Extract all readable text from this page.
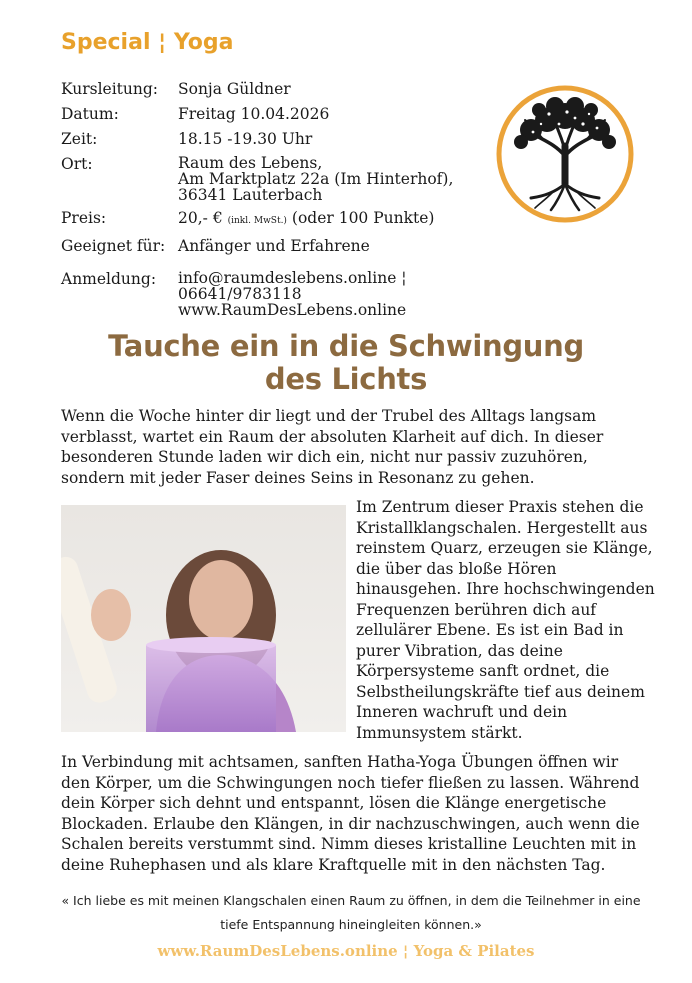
Special ¦ Yoga
Kursleitung:	Sonja Güldner
Datum:	Freitag 10.04.2026
Zeit:	18.15 -19.30 Uhr
Ort:	Raum des Lebens,
Am Marktplatz 22a (Im Hinterhof),
36341 Lauterbach
Preis:	20,- € (inkl. MwSt.) (oder 100 Punkte)
Geeignet für: Anfänger und Erfahrene
Anmeldung:	info@raumdeslebens.online ¦ 06641/9783118
www.RaumDesLebens.online
Tauche ein in die Schwingung
des Lichts
Wenn die Woche hinter dir liegt und der Trubel des Alltags langsam verblasst, wartet ein Raum der absoluten Klarheit auf dich. In dieser besonderen Stunde laden wir dich ein, nicht nur passiv zuzuhören, sondern mit jeder Faser deines Seins in Resonanz zu gehen.
Im Zentrum dieser Praxis stehen die Kristallklangschalen. Hergestellt aus reinstem Quarz, erzeugen sie Klänge, die über das bloße Hören hinausgehen. Ihre hochschwingenden Frequenzen berühren dich auf zellulärer Ebene. Es ist ein Bad in purer Vibration, das deine Körpersysteme sanft ordnet, die Selbstheilungskräfte tief aus deinem Inneren wachruft und dein Immunsystem stärkt.
In Verbindung mit achtsamen, sanften Hatha-Yoga Übungen öffnen wir den Körper, um die Schwingungen noch tiefer fließen zu lassen. Während dein Körper sich dehnt und entspannt, lösen die Klänge energetische Blockaden. Erlaube den Klängen, in dir nachzuschwingen, auch wenn die Schalen bereits verstummt sind. Nimm dieses kristalline Leuchten mit in deine Ruhephasen und als klare Kraftquelle mit in den nächsten Tag.
« Ich liebe es mit meinen Klangschalen einen Raum zu öffnen, in dem die Teilnehmer in eine tiefe Entspannung hineingleiten können.»
www.RaumDesLebens.online ¦ Yoga & Pilates
